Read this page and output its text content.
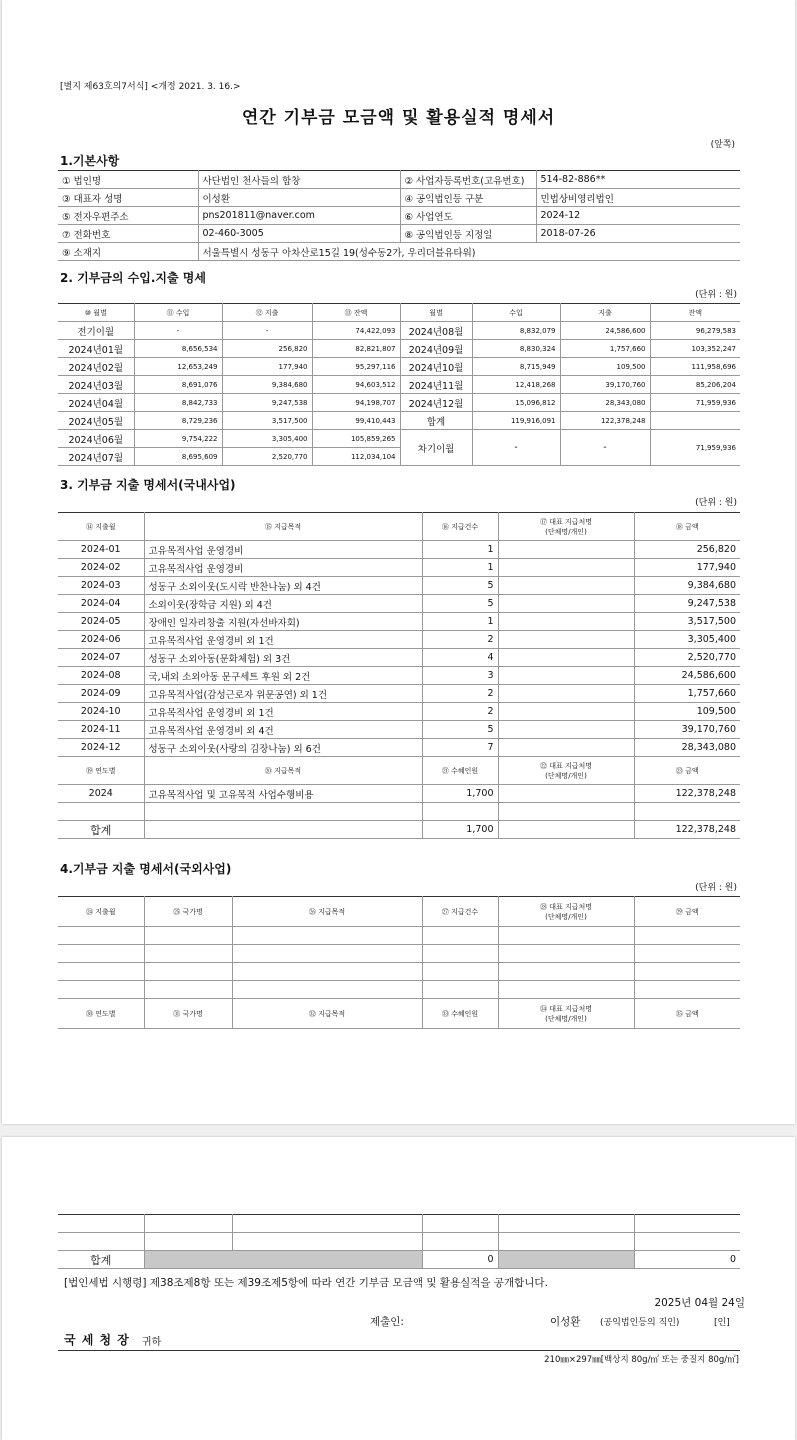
[별지 제63호의7서식] <개정 2021. 3. 16.>
연간 기부금 모금액 및 활용실적 명세서
(앞쪽)
1.기본사항
① 법인명	사단법인 천사들의 합창	② 사업자등록번호(고유번호)	514-82-886**
③ 대표자 성명	이성환	④ 공익법인등 구분	민법상비영리법인
⑤ 전자우편주소	pns201811@naver.com	⑥ 사업연도	2024-12
⑦ 전화번호	02-460-3005	⑧ 공익법인등 지정일	2018-07-26
⑨ 소재지	서울특별시 성동구 아차산로15길 19(성수동2가, 우리더블유타워)		
2. 기부금의 수입.지출 명세
(단위 : 원)
⑩ 월별	⑪ 수입	⑫ 지출	⑬ 잔액	월별	수입	지출	잔액
전기이월	-	-	74,422,093	2024년08월	8,832,079	24,586,600	96,279,583
2024년01월	8,656,534	256,820	82,821,807	2024년09월	8,830,324	1,757,660	103,352,247
2024년02월	12,653,249	177,940	95,297,116	2024년10월	8,715,949	109,500	111,958,696
2024년03월	8,691,076	9,384,680	94,603,512	2024년11월	12,418,268	39,170,760	85,206,204
2024년04월	8,842,733	9,247,538	94,198,707	2024년12월	15,096,812	28,343,080	71,959,936
2024년05월	8,729,236	3,517,500	99,410,443	합계	119,916,091	122,378,248	
2024년06월	9,754,222	3,305,400	105,859,265	차기이월	-	-	71,959,936
2024년07월	8,695,609	2,520,770	112,034,104				
3. 기부금 지출 명세서(국내사업)
(단위 : 원)
⑭ 지출월	⑮ 지급목적	⑯ 지급건수	⑰ 대표 지급처명
(단체명/개인)	⑱ 금액
2024-01	고유목적사업 운영경비	1		256,820
2024-02	고유목적사업 운영경비	1		177,940
2024-03	성동구 소외이웃(도시락 반찬나눔) 외 4건	5		9,384,680
2024-04	소외이웃(장학금 지원) 외 4건	5		9,247,538
2024-05	장애인 일자리창출 지원(자선바자회)	1		3,517,500
2024-06	고유목적사업 운영경비 외 1건	2		3,305,400
2024-07	성동구 소외아동(문화체험) 외 3건	4		2,520,770
2024-08	국,내외 소외아동 문구세트 후원 외 2건	3		24,586,600
2024-09	고유목적사업(감성근로자 위문공연) 외 1건	2		1,757,660
2024-10	고유목적사업 운영경비 외 1건	2		109,500
2024-11	고유목적사업 운영경비 외 4건	5		39,170,760
2024-12	성동구 소외이웃(사랑의 김장나눔) 외 6건	7		28,343,080
⑲ 연도별	⑳ 지급목적	㉑ 수혜인원	㉒ 대표 지급처명
(단체명/개인)	㉓ 금액
2024	고유목적사업 및 고유목적 사업수행비용	1,700		122,378,248

합계		1,700		122,378,248
4.기부금 지출 명세서(국외사업)
(단위 : 원)
㉔ 지출월	㉕ 국가명	㉖ 지급목적	㉗ 지급건수	㉘ 대표 지급처명
(단체명/개인)	㉙ 금액

㉚ 연도별	㉛ 국가명	㉜ 지급목적	㉝ 수혜인원	㉞ 대표 지급처명
(단체명/개인)	㉟ 금액

합계			0		0
[법인세법 시행령] 제38조제8항 또는 제39조제5항에 따라 연간 기부금 모금액 및 활용실적을 공개합니다.
2025년 04월 24일
제출인:	이성환 (공익법인등의 직인)	[인]
국 세 청 장 귀하
210㎜×297㎜[백상지 80g/㎡ 또는 중질지 80g/㎡]
